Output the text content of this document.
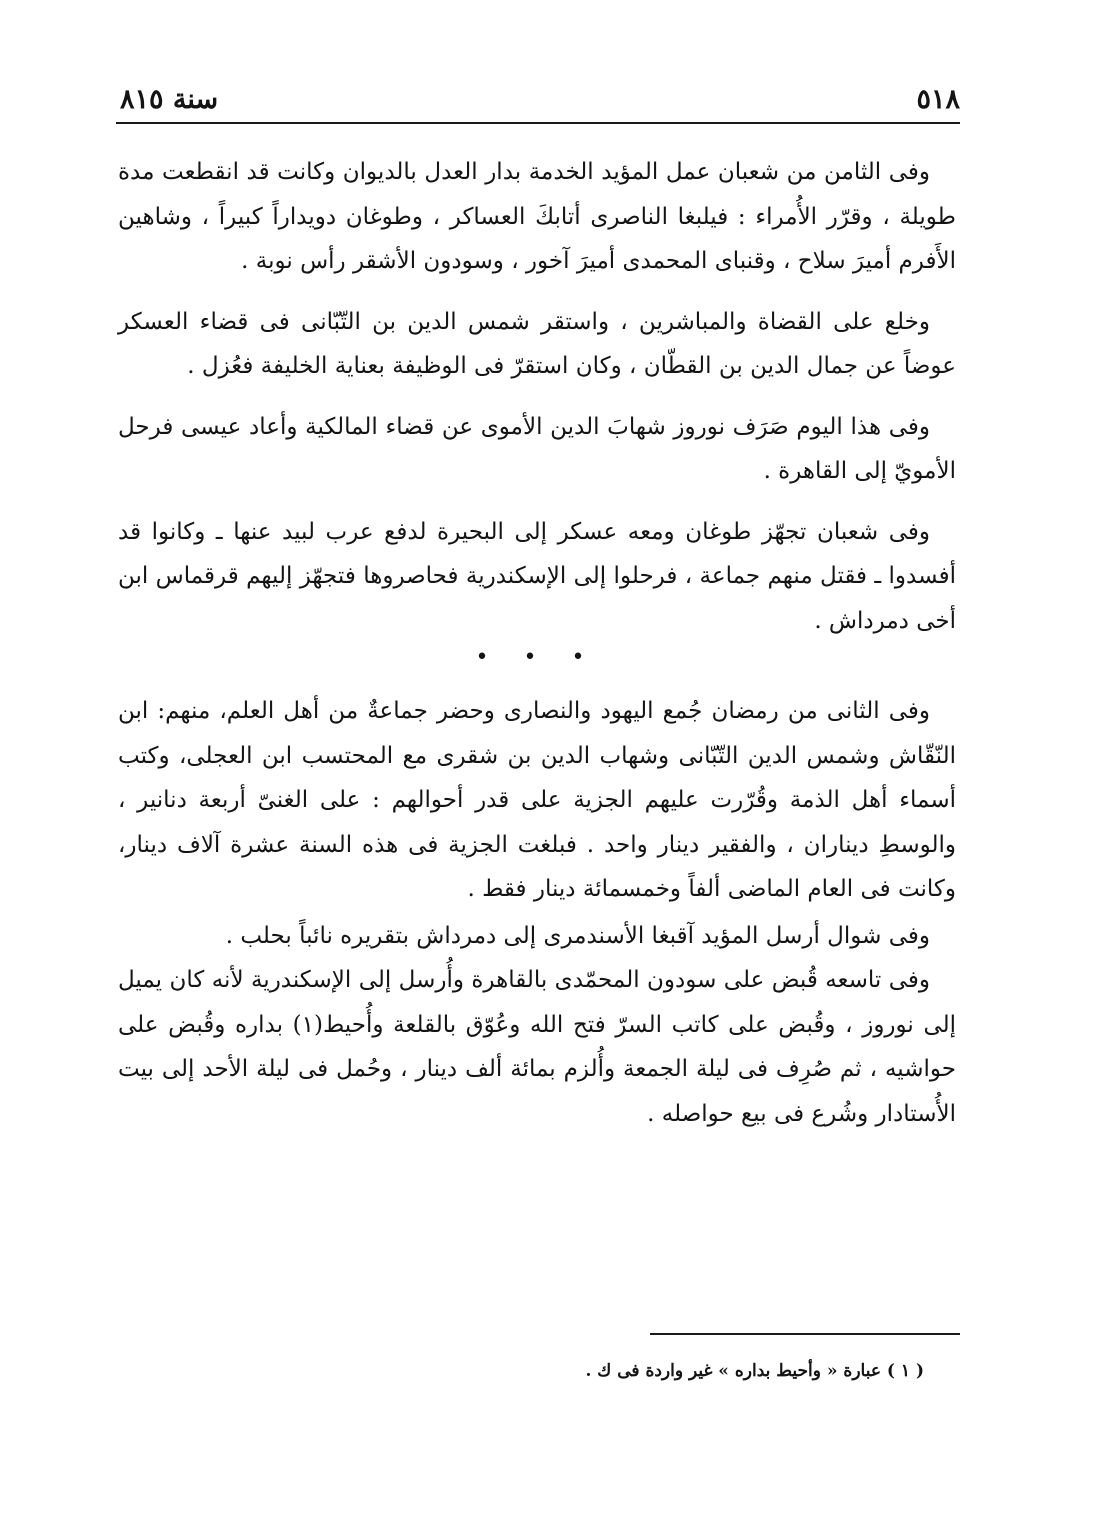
٥١٨
سنة ٨١٥

وفى الثامن من شعبان عمل المؤيد الخدمة بدار العدل بالديوان وكانت قد انقطعت مدة طويلة ، وقرّر الأُمراء : فيلبغا الناصرى أتابكَ العساكر ، وطوغان دويداراً كبيراً ، وشاهين الأَفرم أميرَ سلاح ، وقنباى المحمدى أميرَ آخور ، وسودون الأشقر رأس نوبة .

وخلع على القضاة والمباشرين ، واستقر شمس الدين بن التّبّانى فى قضاء العسكر عوضاً عن جمال الدين بن القطّان ، وكان استقرّ فى الوظيفة بعناية الخليفة فعُزل .

وفى هذا اليوم صَرَف نوروز شهابَ الدين الأموى عن قضاء المالكية وأعاد عيسى فرحل الأمويّ إلى القاهرة .

وفى شعبان تجهّز طوغان ومعه عسكر إلى البحيرة لدفع عرب لبيد عنها ـ وكانوا قد أفسدوا ـ فقتل منهم جماعة ، فرحلوا إلى الإسكندرية فحاصروها فتجهّز إليهم قرقماس ابن أخى دمرداش .

• • •

وفى الثانى من رمضان جُمع اليهود والنصارى وحضر جماعةٌ من أهل العلم، منهم: ابن النّقّاش وشمس الدين التّبّانى وشهاب الدين بن شقرى مع المحتسب ابن العجلى، وكتب أسماء أهل الذمة وقُرّرت عليهم الجزية على قدر أحوالهم : على الغنىّ أربعة دنانير ، والوسطِ ديناران ، والفقير دينار واحد . فبلغت الجزية فى هذه السنة عشرة آلاف دينار، وكانت فى العام الماضى ألفاً وخمسمائة دينار فقط .

وفى شوال أرسل المؤيد آقبغا الأسندمرى إلى دمرداش بتقريره نائباً بحلب .

وفى تاسعه قُبض على سودون المحمّدى بالقاهرة وأُرسل إلى الإسكندرية لأنه كان يميل إلى نوروز ، وقُبض على كاتب السرّ فتح الله وعُوّق بالقلعة وأُحيط(١) بداره وقُبض على حواشيه ، ثم صُرِف فى ليلة الجمعة وأُلزم بمائة ألف دينار ، وحُمل فى ليلة الأحد إلى بيت الأُستادار وشُرع فى بيع حواصله .

( ١ ) عبارة « وأحيط بداره » غير واردة فى ك .
